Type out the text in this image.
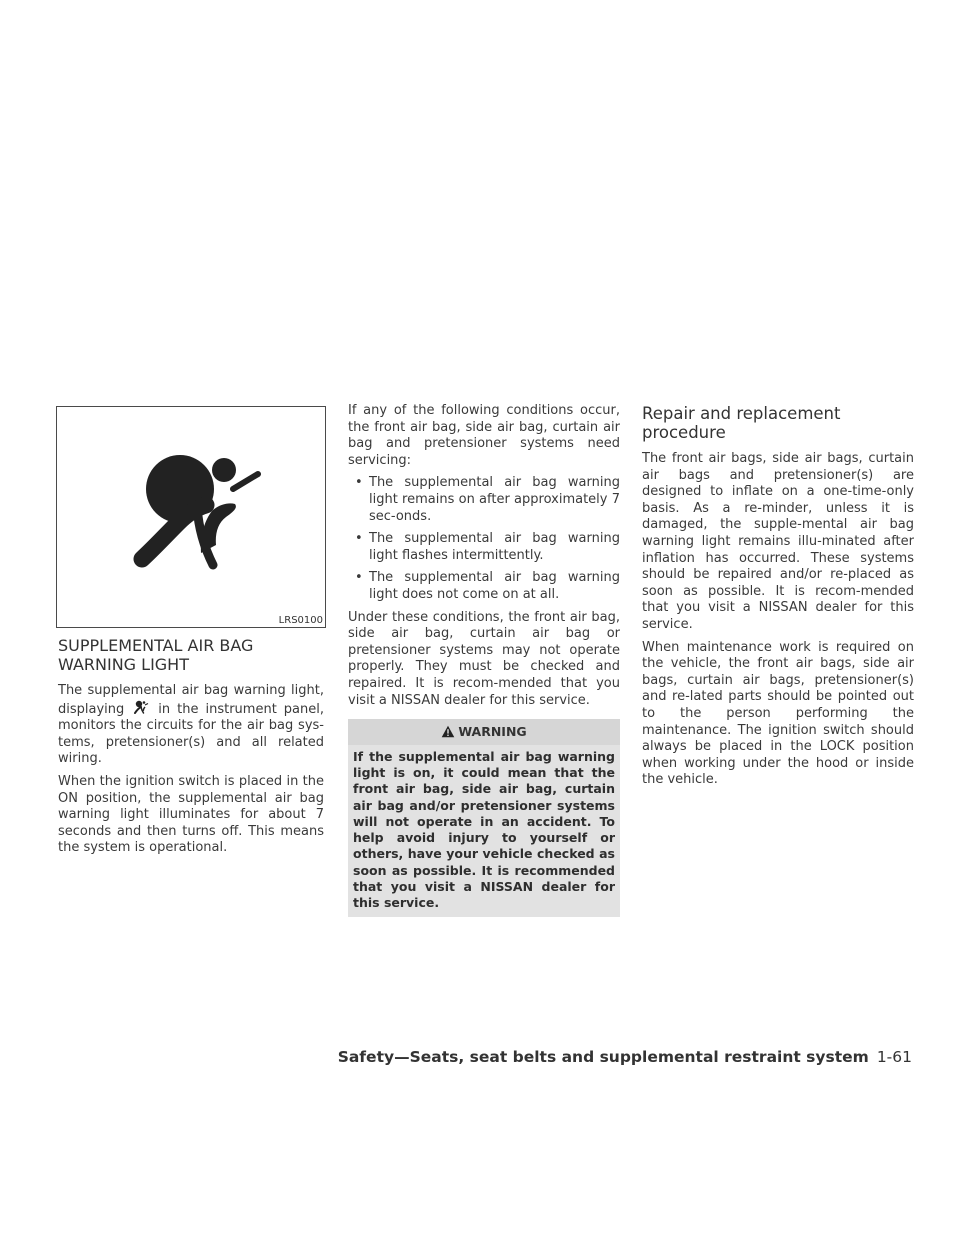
LRS0100
SUPPLEMENTAL AIR BAG WARNING LIGHT

The supplemental air bag warning light, displaying	in the instrument panel, monitors the circuits for the air bag sys-tems, pretensioner(s) and all related wiring.

When the ignition switch is placed in the ON position, the supplemental air bag warning light illuminates for about 7 seconds and then turns off. This means the system is operational.

If any of the following conditions occur, the front air bag, side air bag, curtain air bag and pretensioner systems need servicing:

• The supplemental air bag warning light remains on after approximately 7 sec-onds.
• The supplemental air bag warning light flashes intermittently.
• The supplemental air bag warning light does not come on at all.

Under these conditions, the front air bag, side air bag, curtain air bag or pretensioner systems may not operate properly. They must be checked and repaired. It is recom-mended that you visit a NISSAN dealer for this service.

WARNING
If the supplemental air bag warning light is on, it could mean that the front air bag, side air bag, curtain air bag and/or pretensioner systems will not operate in an accident. To help avoid injury to yourself or others, have your vehicle checked as soon as possible. It is recommended that you visit a NISSAN dealer for this service.
Repair and replacement procedure

The front air bags, side air bags, curtain air bags and pretensioner(s) are designed to inflate on a one-time-only basis. As a re-minder, unless it is damaged, the supple-mental air bag warning light remains illu-minated after inflation has occurred. These systems should be repaired and/or re-placed as soon as possible. It is recom-mended that you visit a NISSAN dealer for this service.

When maintenance work is required on the vehicle, the front air bags, side air bags, curtain air bags, pretensioner(s) and re-lated parts should be pointed out to the person performing the maintenance. The ignition switch should always be placed in the LOCK position when working under the hood or inside the vehicle.

Safety—Seats, seat belts and supplemental restraint system 1-61
